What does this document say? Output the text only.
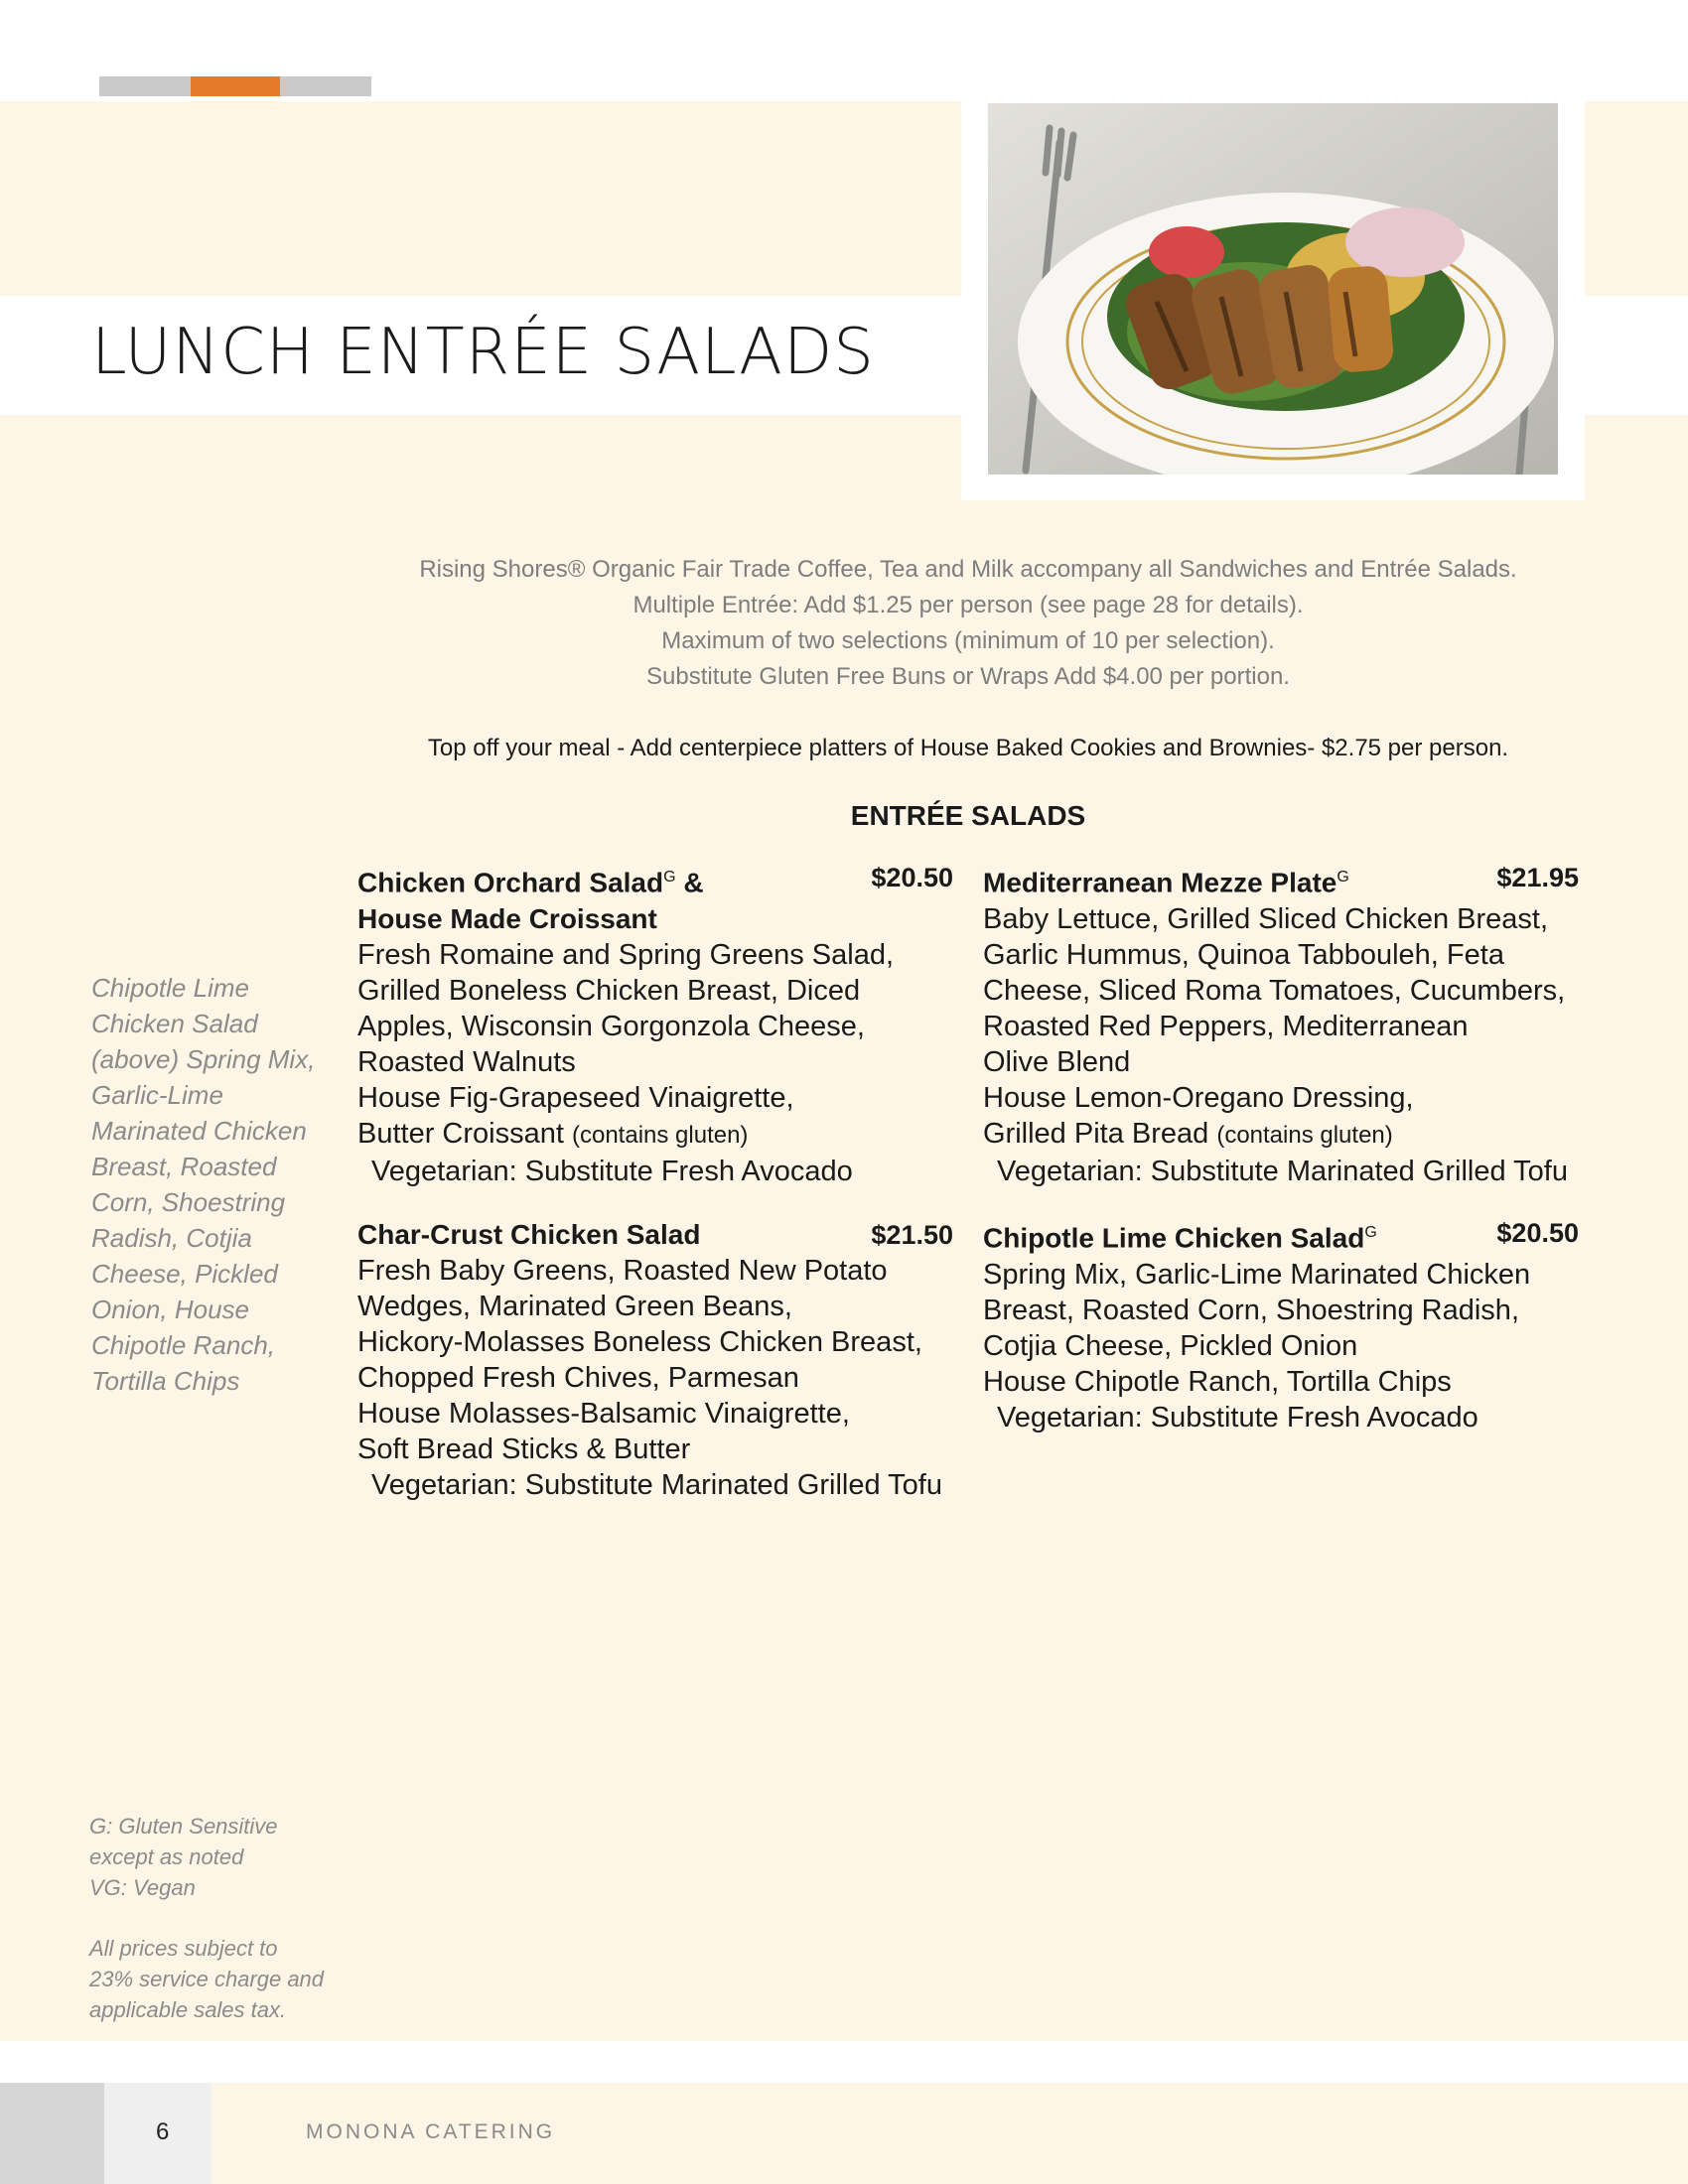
LUNCH ENTRÉE SALADS
Rising Shores® Organic Fair Trade Coffee, Tea and Milk accompany all Sandwiches and Entrée Salads.
Multiple Entrée: Add $1.25 per person (see page 28 for details).
Maximum of two selections (minimum of 10 per selection).
Substitute Gluten Free Buns or Wraps Add $4.00 per portion.
Top off your meal - Add centerpiece platters of House Baked Cookies and Brownies- $2.75 per person.
ENTRÉE SALADS
Chicken Orchard Salad$^G$ &	$20.50
House Made Croissant
Fresh Romaine and Spring Greens Salad,
Grilled Boneless Chicken Breast, Diced
Apples, Wisconsin Gorgonzola Cheese,
Roasted Walnuts
House Fig-Grapeseed Vinaigrette,
Butter Croissant (contains gluten)
Vegetarian: Substitute Fresh Avocado
Mediterranean Mezze Plate$^G$	$21.95
Baby Lettuce, Grilled Sliced Chicken Breast,
Garlic Hummus, Quinoa Tabbouleh, Feta
Cheese, Sliced Roma Tomatoes, Cucumbers,
Roasted Red Peppers, Mediterranean
Olive Blend
House Lemon-Oregano Dressing,
Grilled Pita Bread (contains gluten)
Vegetarian: Substitute Marinated Grilled Tofu
Char-Crust Chicken Salad	$21.50
Fresh Baby Greens, Roasted New Potato
Wedges, Marinated Green Beans,
Hickory-Molasses Boneless Chicken Breast,
Chopped Fresh Chives, Parmesan
House Molasses-Balsamic Vinaigrette,
Soft Bread Sticks & Butter
Vegetarian: Substitute Marinated Grilled Tofu
Chipotle Lime Chicken Salad$^G$	$20.50
Spring Mix, Garlic-Lime Marinated Chicken
Breast, Roasted Corn, Shoestring Radish,
Cotjia Cheese, Pickled Onion
House Chipotle Ranch, Tortilla Chips
Vegetarian: Substitute Fresh Avocado
Chipotle Lime
Chicken Salad
(above) Spring Mix,
Garlic-Lime
Marinated Chicken
Breast, Roasted
Corn, Shoestring
Radish, Cotjia
Cheese, Pickled
Onion, House
Chipotle Ranch,
Tortilla Chips
G: Gluten Sensitive
except as noted
VG: Vegan
All prices subject to
23% service charge and
applicable sales tax.
6	MONONA CATERING
